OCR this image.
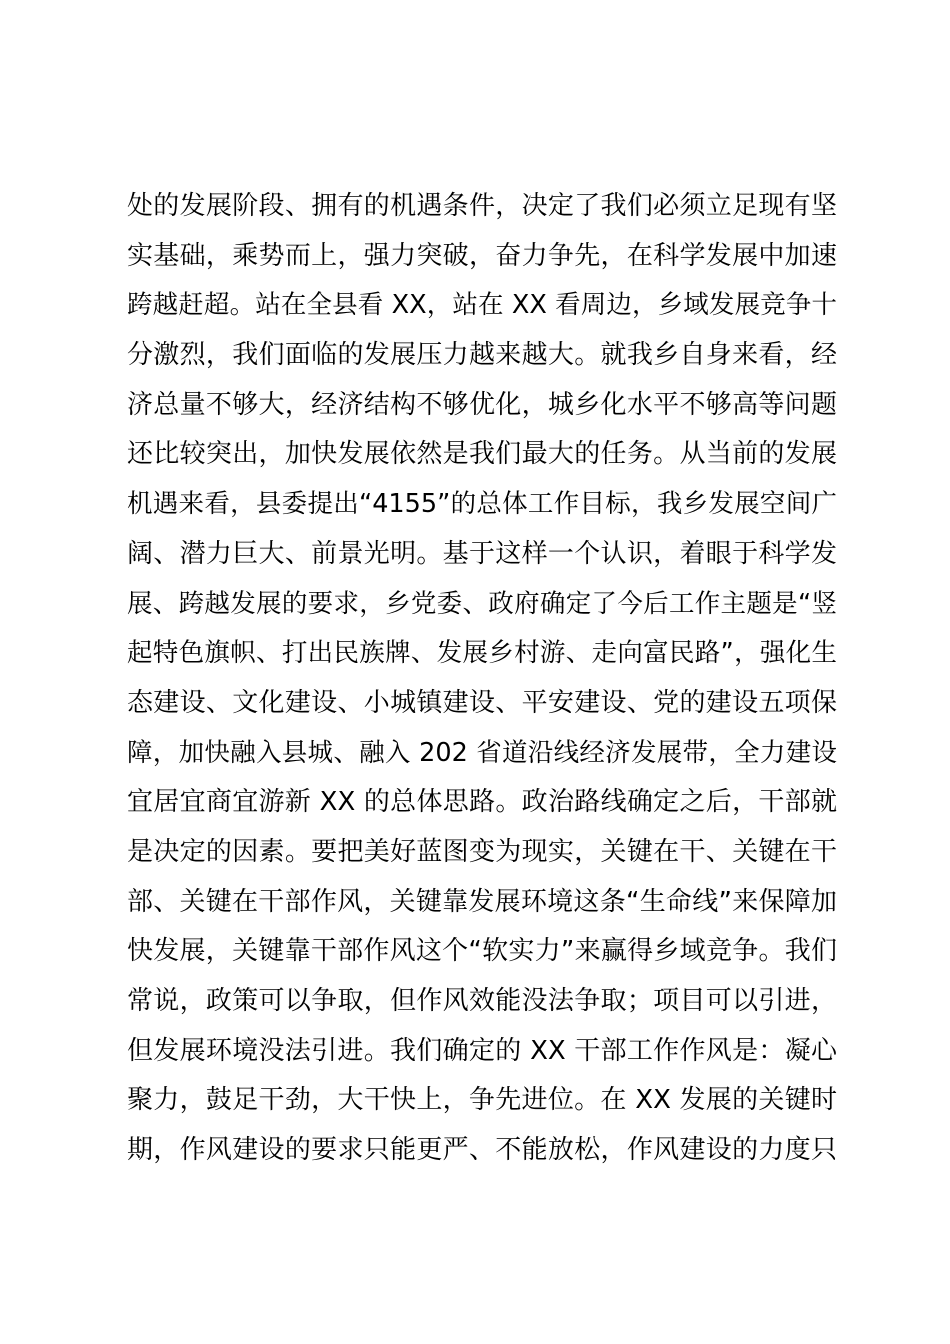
处的发展阶段、拥有的机遇条件，决定了我们必须立足现有坚
实基础，乘势而上，强力突破，奋力争先，在科学发展中加速
跨越赶超。站在全县看 XX，站在 XX 看周边，乡域发展竞争十
分激烈，我们面临的发展压力越来越大。就我乡自身来看，经
济总量不够大，经济结构不够优化，城乡化水平不够高等问题
还比较突出，加快发展依然是我们最大的任务。从当前的发展
机遇来看，县委提出“4155”的总体工作目标，我乡发展空间广
阔、潜力巨大、前景光明。基于这样一个认识，着眼于科学发
展、跨越发展的要求，乡党委、政府确定了今后工作主题是“竖
起特色旗帜、打出民族牌、发展乡村游、走向富民路”，强化生
态建设、文化建设、小城镇建设、平安建设、党的建设五项保
障，加快融入县城、融入 202 省道沿线经济发展带，全力建设
宜居宜商宜游新 XX 的总体思路。政治路线确定之后，干部就
是决定的因素。要把美好蓝图变为现实，关键在干、关键在干
部、关键在干部作风，关键靠发展环境这条“生命线”来保障加
快发展，关键靠干部作风这个“软实力”来赢得乡域竞争。我们
常说，政策可以争取，但作风效能没法争取；项目可以引进，
但发展环境没法引进。我们确定的 XX 干部工作作风是：凝心
聚力，鼓足干劲，大干快上，争先进位。在 XX 发展的关键时
期，作风建设的要求只能更严、不能放松，作风建设的力度只
